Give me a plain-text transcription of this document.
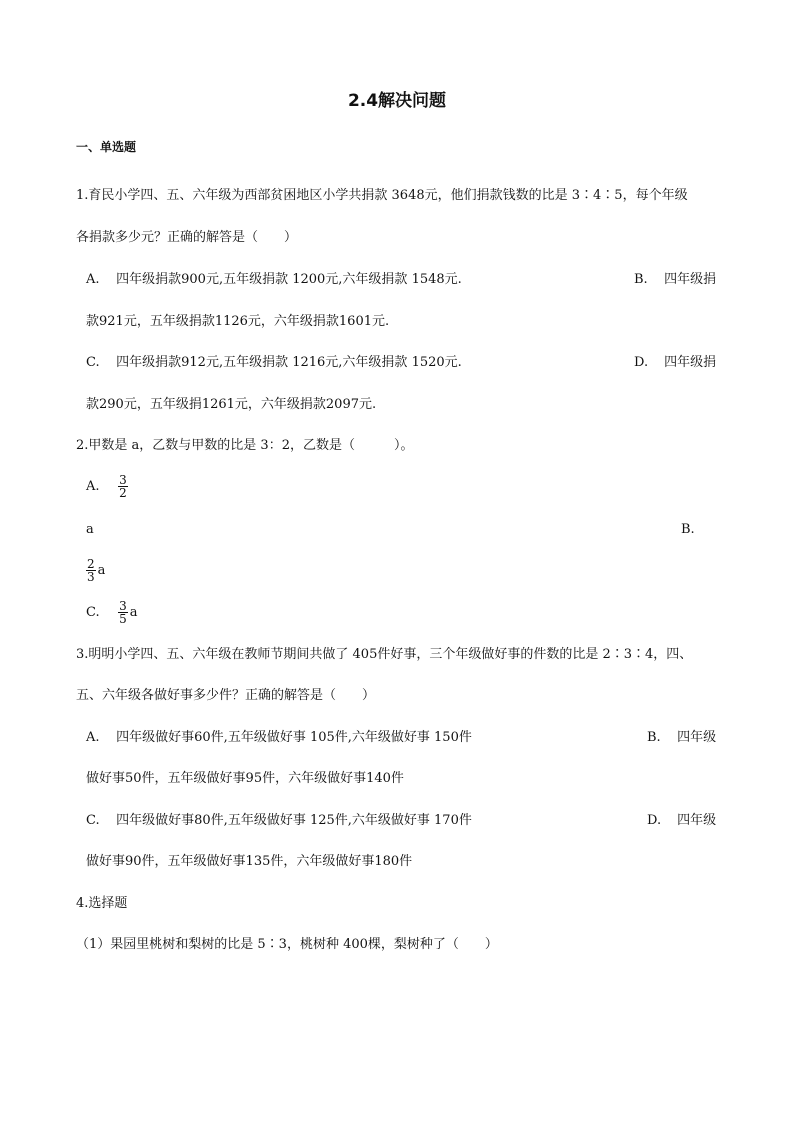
2.4解决问题
一、单选题
1.育民小学四、五、六年级为西部贫困地区小学共捐款 3648元，他们捐款钱数的比是 3∶4∶5，每个年级
各捐款多少元？正确的解答是（　　）
A. 四年级捐款900元,五年级捐款 1200元,六年级捐款 1548元.	B. 四年级捐
款921元，五年级捐款1126元，六年级捐款1601元.
C. 四年级捐款912元,五年级捐款 1216元,六年级捐款 1520元.	D. 四年级捐
款290元，五年级捐1261元，六年级捐款2097元.
2.甲数是 a，乙数与甲数的比是 3：2，乙数是（　　　）。
A. $\frac{3}{2}$
a	B.
$\frac{2}{3}$ a
C. $\frac{3}{5}$ a
3.明明小学四、五、六年级在教师节期间共做了 405件好事，三个年级做好事的件数的比是 2∶3∶4，四、
五、六年级各做好事多少件？正确的解答是（　　）
A. 四年级做好事60件,五年级做好事 105件,六年级做好事 150件	B. 四年级
做好事50件，五年级做好事95件，六年级做好事140件
C. 四年级做好事80件,五年级做好事 125件,六年级做好事 170件	D. 四年级
做好事90件，五年级做好事135件，六年级做好事180件
4.选择题
（1）果园里桃树和梨树的比是 5∶3，桃树种 400棵，梨树种了（　　）
